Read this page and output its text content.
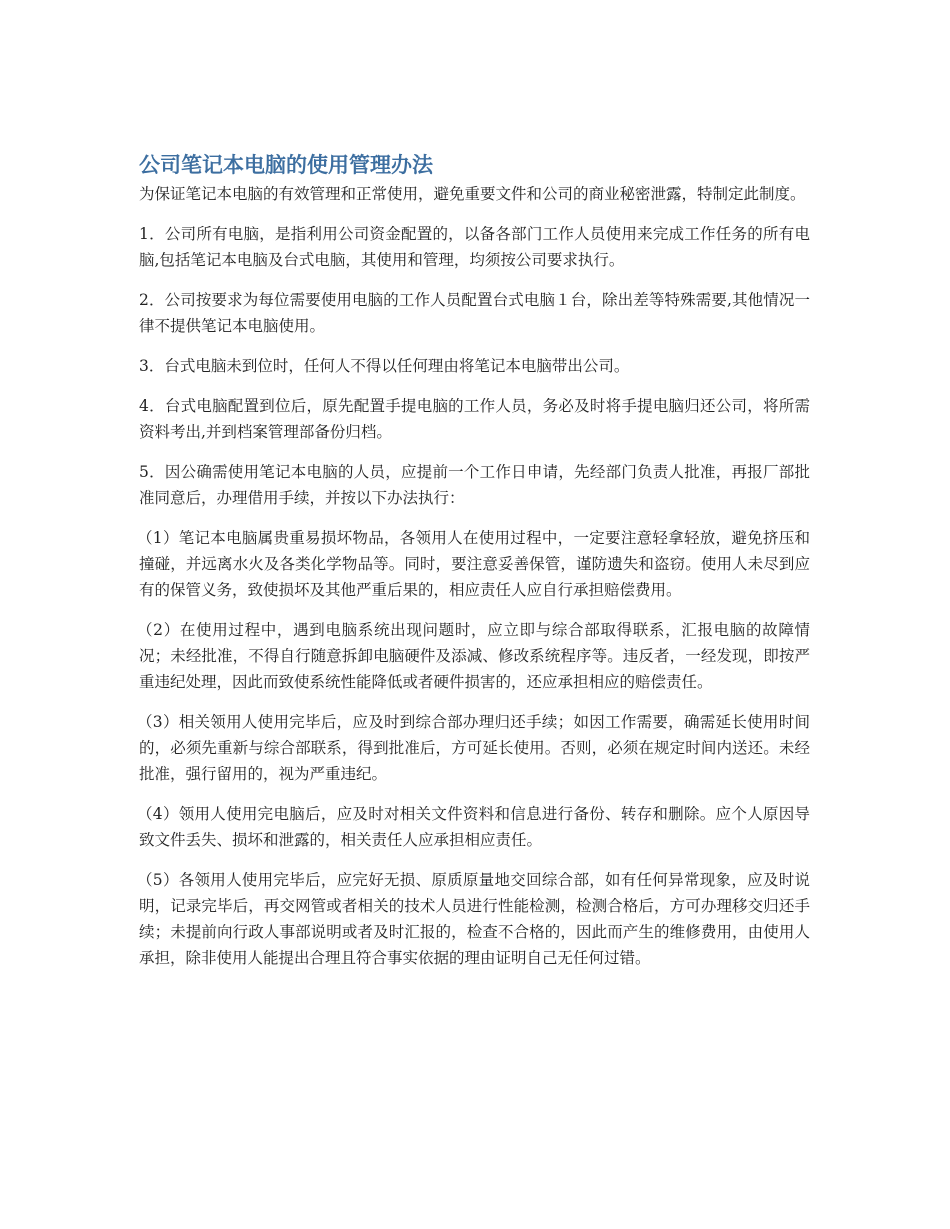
公司笔记本电脑的使用管理办法

为保证笔记本电脑的有效管理和正常使用，避免重要文件和公司的商业秘密泄露，特制定此制度。

1．公司所有电脑，是指利用公司资金配置的，以备各部门工作人员使用来完成工作任务的所有电脑,包括笔记本电脑及台式电脑，其使用和管理，均须按公司要求执行。

2．公司按要求为每位需要使用电脑的工作人员配置台式电脑１台，除出差等特殊需要,其他情况一律不提供笔记本电脑使用。

3．台式电脑未到位时，任何人不得以任何理由将笔记本电脑带出公司。

4．台式电脑配置到位后，原先配置手提电脑的工作人员，务必及时将手提电脑归还公司，将所需资料考出,并到档案管理部备份归档。

5．因公确需使用笔记本电脑的人员，应提前一个工作日申请，先经部门负责人批准，再报厂部批准同意后，办理借用手续，并按以下办法执行：

（1）笔记本电脑属贵重易损坏物品，各领用人在使用过程中，一定要注意轻拿轻放，避免挤压和撞碰，并远离水火及各类化学物品等。同时，要注意妥善保管，谨防遗失和盗窃。使用人未尽到应有的保管义务，致使损坏及其他严重后果的，相应责任人应自行承担赔偿费用。

（2）在使用过程中，遇到电脑系统出现问题时，应立即与综合部取得联系，汇报电脑的故障情况；未经批准，不得自行随意拆卸电脑硬件及添减、修改系统程序等。违反者，一经发现，即按严重违纪处理，因此而致使系统性能降低或者硬件损害的，还应承担相应的赔偿责任。

（3）相关领用人使用完毕后，应及时到综合部办理归还手续；如因工作需要，确需延长使用时间的，必须先重新与综合部联系，得到批准后，方可延长使用。否则，必须在规定时间内送还。未经批准，强行留用的，视为严重违纪。

（4）领用人使用完电脑后，应及时对相关文件资料和信息进行备份、转存和删除。应个人原因导致文件丢失、损坏和泄露的，相关责任人应承担相应责任。

（5）各领用人使用完毕后，应完好无损、原质原量地交回综合部，如有任何异常现象，应及时说明，记录完毕后，再交网管或者相关的技术人员进行性能检测，检测合格后，方可办理移交归还手续；未提前向行政人事部说明或者及时汇报的，检查不合格的，因此而产生的维修费用，由使用人承担，除非使用人能提出合理且符合事实依据的理由证明自己无任何过错。
